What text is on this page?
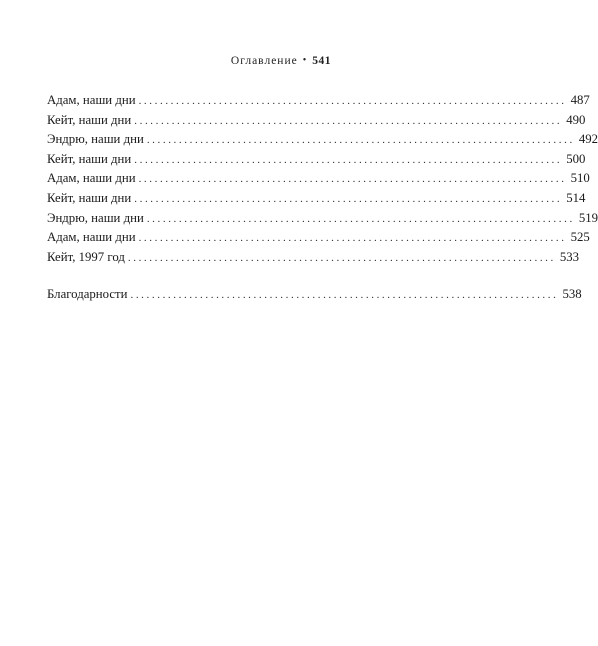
Оглавление • 541
Адам, наши дни ................................................................................ 487
Кейт, наши дни ................................................................................ 490
Эндрю, наши дни ................................................................................ 492
Кейт, наши дни ................................................................................ 500
Адам, наши дни ................................................................................ 510
Кейт, наши дни ................................................................................ 514
Эндрю, наши дни ................................................................................ 519
Адам, наши дни ................................................................................ 525
Кейт, 1997 год ................................................................................ 533
Благодарности ................................................................................ 538
